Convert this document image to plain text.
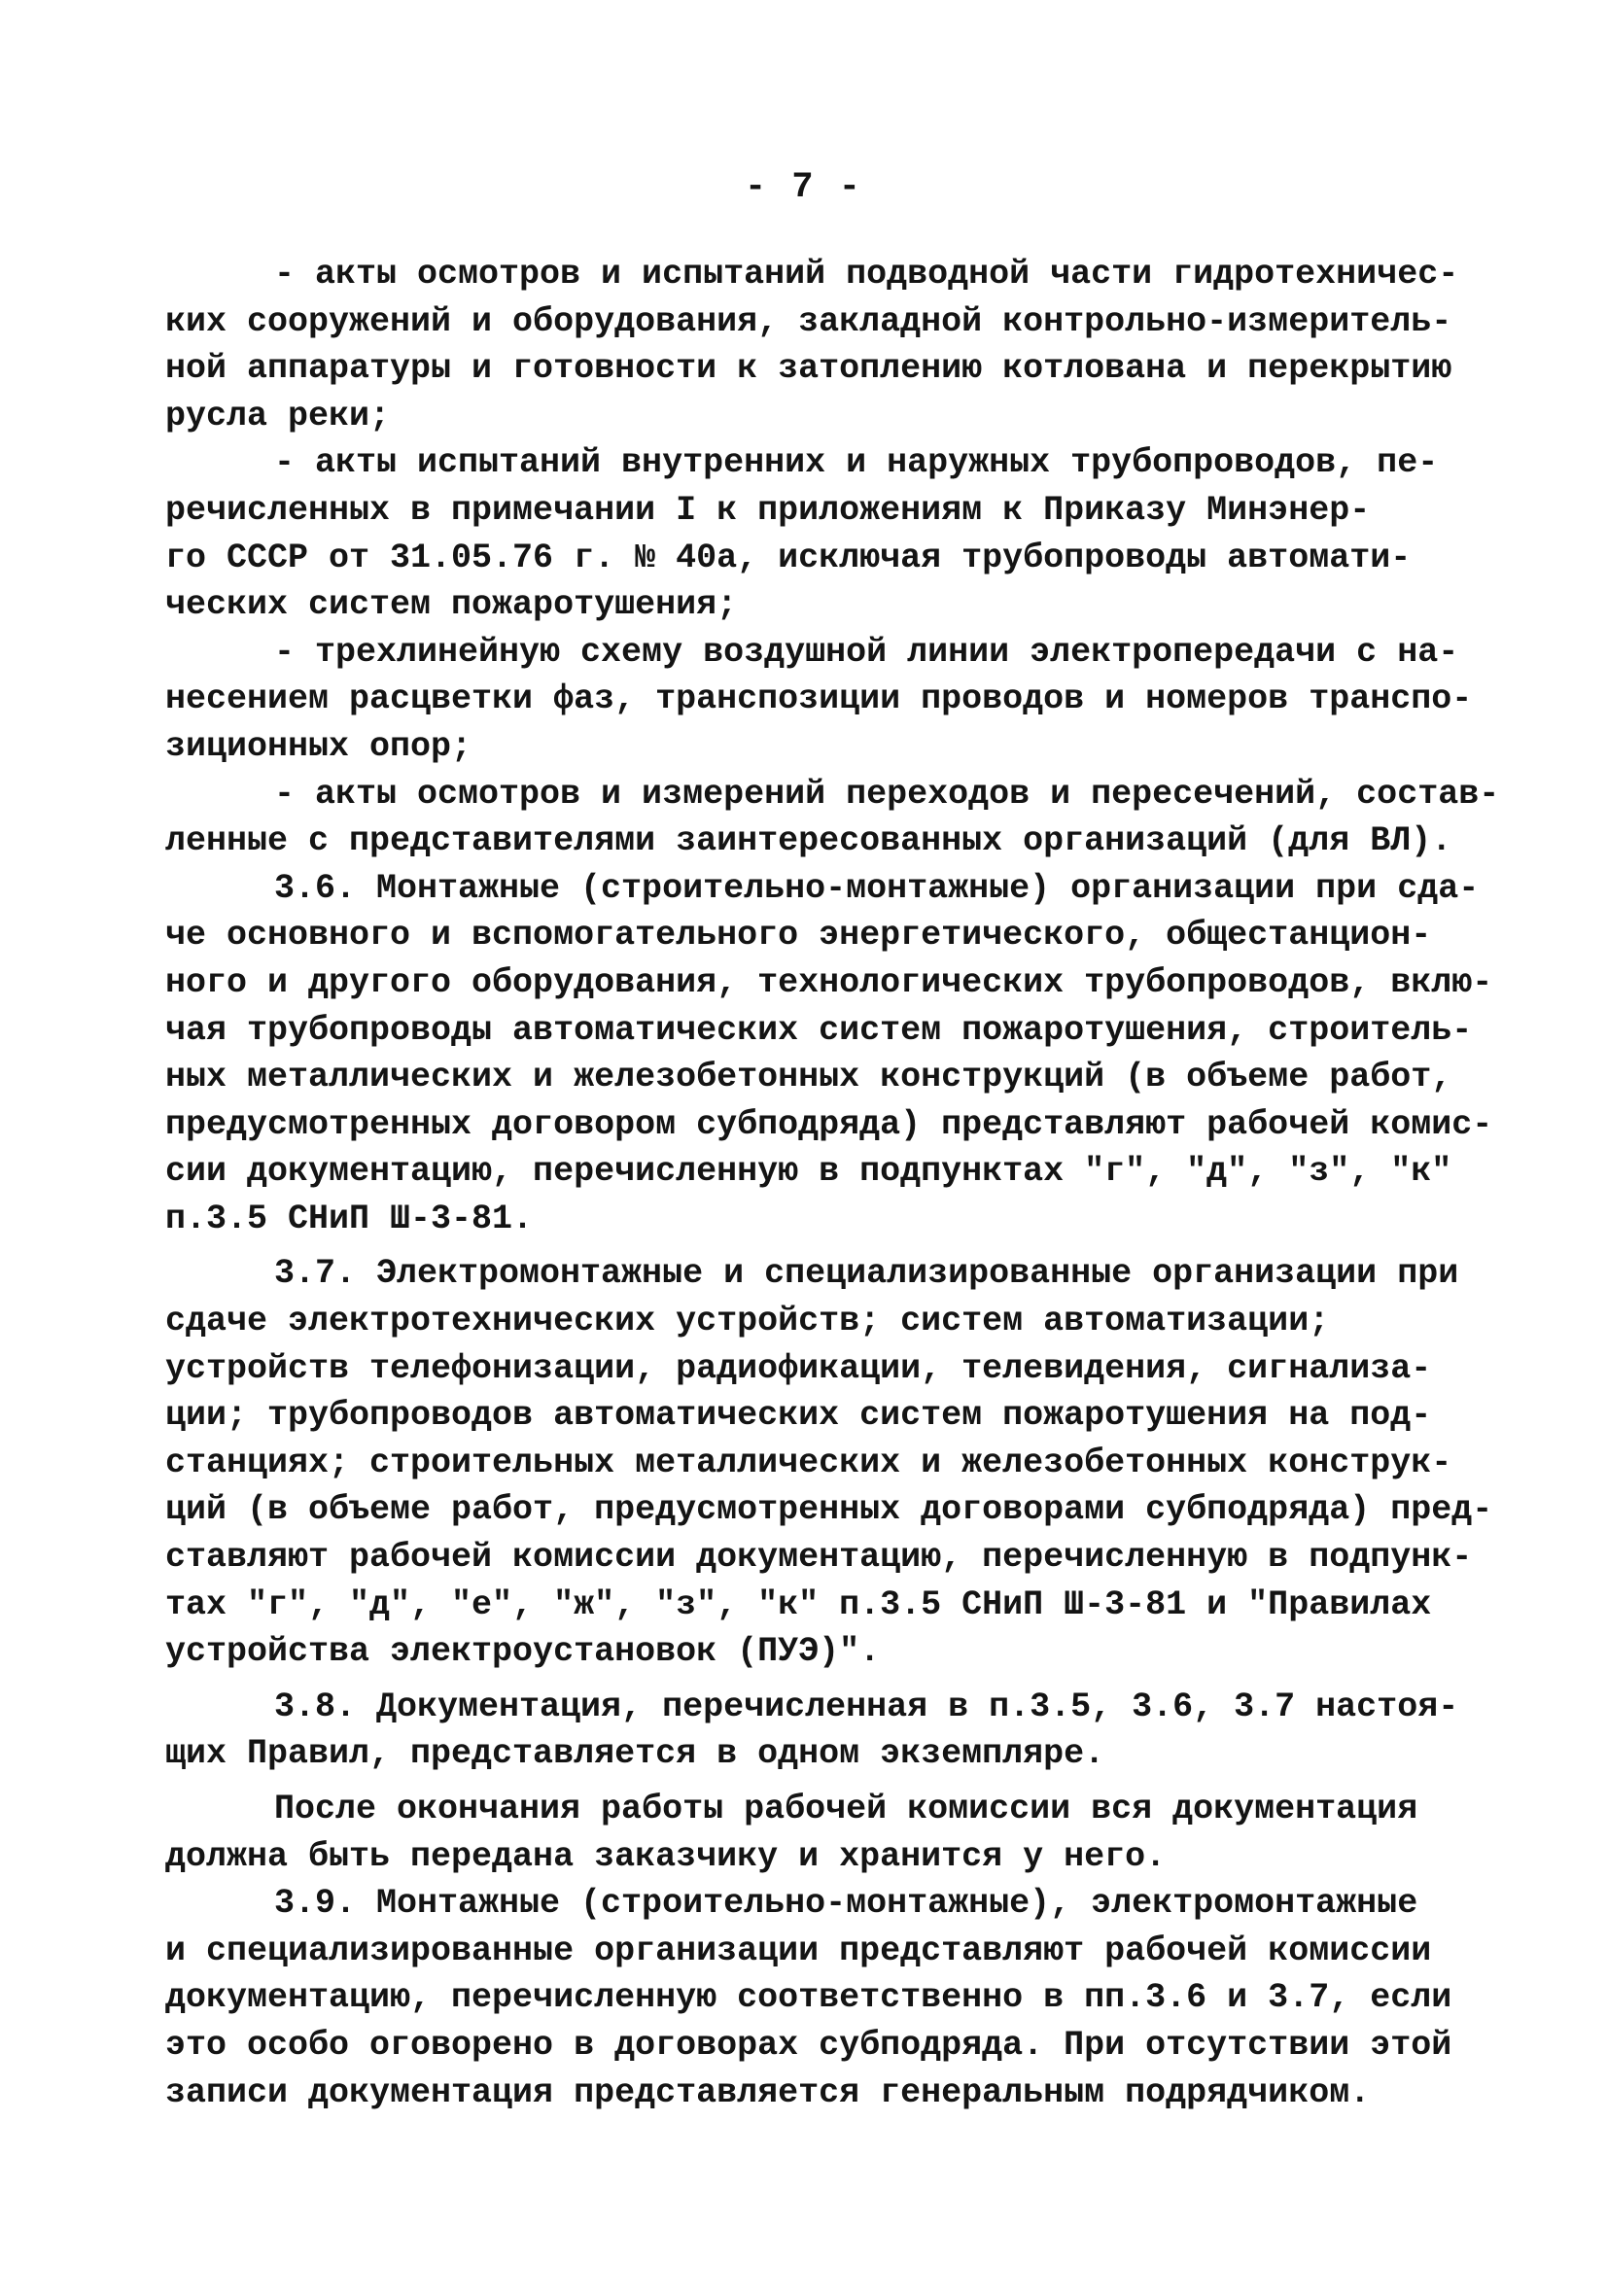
- 7 -
- акты осмотров и испытаний подводной части гидротехничес-
ких сооружений и оборудования, закладной контрольно-измеритель-
ной аппаратуры и готовности к затоплению котлована и перекрытию
русла реки;
- акты испытаний внутренних и наружных трубопроводов, пе-
речисленных в примечании I к приложениям к Приказу Минэнер-
го СССР от 31.05.76 г. № 40а, исключая трубопроводы автомати-
ческих систем пожаротушения;
- трехлинейную схему воздушной линии электропередачи с на-
несением расцветки фаз, транспозиции проводов и номеров транспо-
зиционных опор;
- акты осмотров и измерений переходов и пересечений, состав-
ленные с представителями заинтересованных организаций (для ВЛ).
3.6. Монтажные (строительно-монтажные) организации при сда-
че основного и вспомогательного энергетического, общестанцион-
ного и другого оборудования, технологических трубопроводов, вклю-
чая трубопроводы автоматических систем пожаротушения, строитель-
ных металлических и железобетонных конструкций (в объеме работ,
предусмотренных договором субподряда) представляют рабочей комис-
сии документацию, перечисленную в подпунктах "г", "д", "з", "к"
п.3.5 СНиП Ш-3-81.
3.7. Электромонтажные и специализированные организации при
сдаче электротехнических устройств; систем автоматизации;
устройств телефонизации, радиофикации, телевидения, сигнализа-
ции; трубопроводов автоматических систем пожаротушения на под-
станциях; строительных металлических и железобетонных конструк-
ций (в объеме работ, предусмотренных договорами субподряда) пред-
ставляют рабочей комиссии документацию, перечисленную в подпунк-
тах "г", "д", "е", "ж", "з", "к" п.3.5 СНиП Ш-3-81 и "Правилах
устройства электроустановок (ПУЭ)".
3.8. Документация, перечисленная в п.3.5, 3.6, 3.7 настоя-
щих Правил, представляется в одном экземпляре.
После окончания работы рабочей комиссии вся документация
должна быть передана заказчику и хранится у него.
3.9. Монтажные (строительно-монтажные), электромонтажные
и специализированные организации представляют рабочей комиссии
документацию, перечисленную соответственно в пп.3.6 и 3.7, если
это особо оговорено в договорах субподряда. При отсутствии этой
записи документация представляется генеральным подрядчиком.
